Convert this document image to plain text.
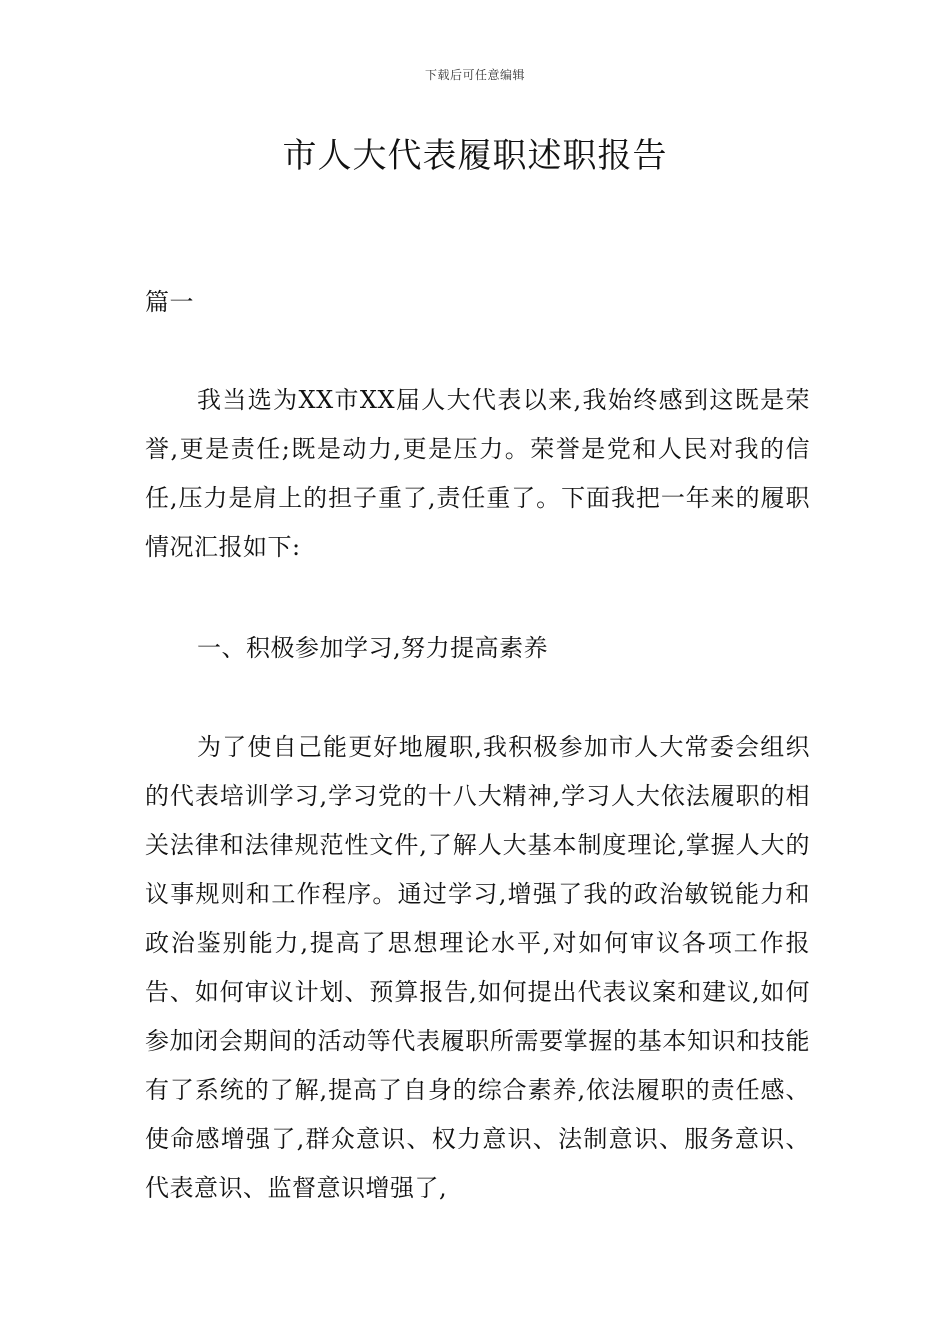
下载后可任意编辑
市人大代表履职述职报告

篇一

我当选为XX市XX届人大代表以来,我始终感到这既是荣誉,更是责任;既是动力,更是压力。荣誉是党和人民对我的信任,压力是肩上的担子重了,责任重了。下面我把一年来的履职情况汇报如下:

一、积极参加学习,努力提高素养

为了使自己能更好地履职,我积极参加市人大常委会组织的代表培训学习,学习党的十八大精神,学习人大依法履职的相关法律和法律规范性文件,了解人大基本制度理论,掌握人大的议事规则和工作程序。通过学习,增强了我的政治敏锐能力和政治鉴别能力,提高了思想理论水平,对如何审议各项工作报告、如何审议计划、预算报告,如何提出代表议案和建议,如何参加闭会期间的活动等代表履职所需要掌握的基本知识和技能有了系统的了解,提高了自身的综合素养,依法履职的责任感、使命感增强了,群众意识、权力意识、法制意识、服务意识、代表意识、监督意识增强了,
